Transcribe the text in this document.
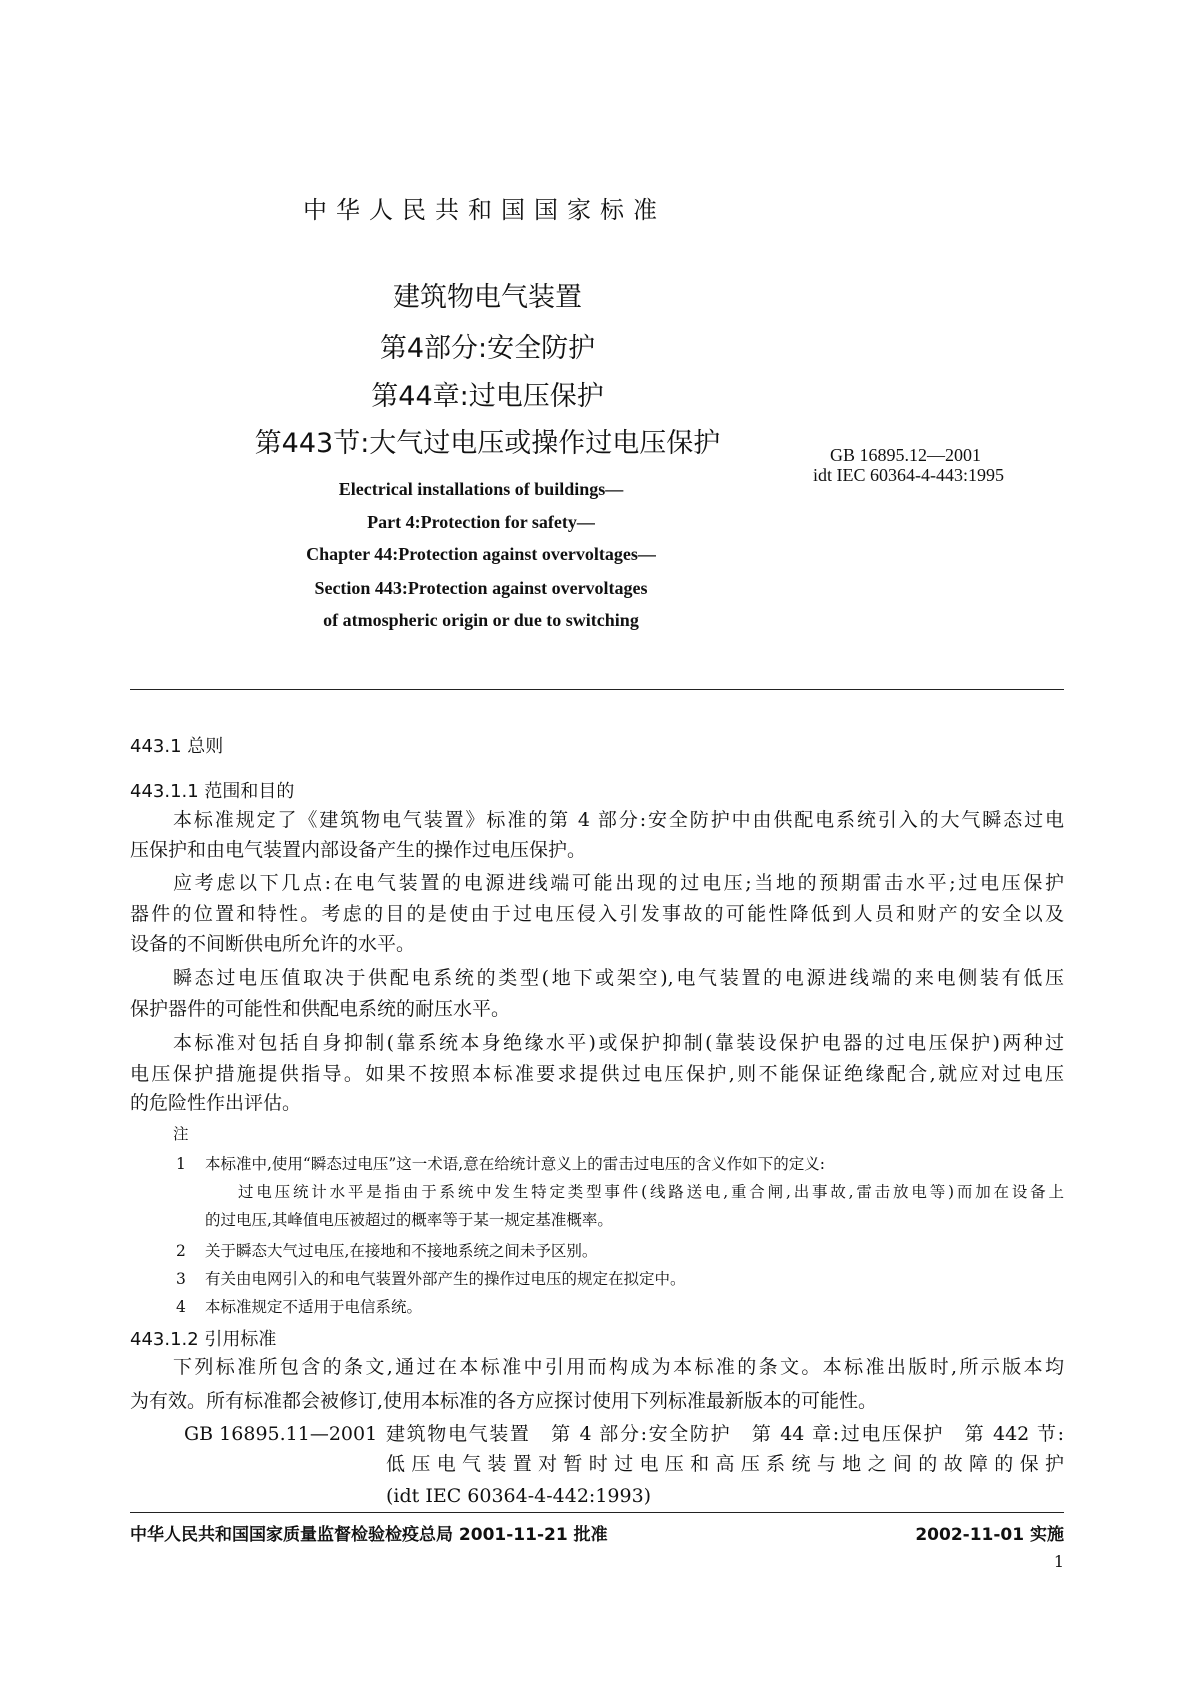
中华人民共和国国家标准
建筑物电气装置
第4部分:安全防护
第44章:过电压保护
第443节:大气过电压或操作过电压保护	GB 16895.12—2001
idt IEC 60364-4-443:1995
Electrical installations of buildings—
Part 4:Protection for safety—
Chapter 44:Protection against overvoltages—
Section 443:Protection against overvoltages
of atmospheric origin or due to switching
443.1 总则
443.1.1 范围和目的
本标准规定了《建筑物电气装置》标准的第 4 部分:安全防护中由供配电系统引入的大气瞬态过电
压保护和由电气装置内部设备产生的操作过电压保护。
应考虑以下几点:在电气装置的电源进线端可能出现的过电压;当地的预期雷击水平;过电压保护
器件的位置和特性。考虑的目的是使由于过电压侵入引发事故的可能性降低到人员和财产的安全以及
设备的不间断供电所允许的水平。
瞬态过电压值取决于供配电系统的类型(地下或架空),电气装置的电源进线端的来电侧装有低压
保护器件的可能性和供配电系统的耐压水平。
本标准对包括自身抑制(靠系统本身绝缘水平)或保护抑制(靠装设保护电器的过电压保护)两种过
电压保护措施提供指导。如果不按照本标准要求提供过电压保护,则不能保证绝缘配合,就应对过电压
的危险性作出评估。
注
1 本标准中,使用“瞬态过电压”这一术语,意在给统计意义上的雷击过电压的含义作如下的定义:
过电压统计水平是指由于系统中发生特定类型事件(线路送电,重合闸,出事故,雷击放电等)而加在设备上
的过电压,其峰值电压被超过的概率等于某一规定基准概率。
2 关于瞬态大气过电压,在接地和不接地系统之间未予区别。
3 有关由电网引入的和电气装置外部产生的操作过电压的规定在拟定中。
4 本标准规定不适用于电信系统。
443.1.2 引用标准
下列标准所包含的条文,通过在本标准中引用而构成为本标准的条文。本标准出版时,所示版本均
为有效。所有标准都会被修订,使用本标准的各方应探讨使用下列标准最新版本的可能性。
GB 16895.11—2001 建筑物电气装置　第 4 部分:安全防护　第 44 章:过电压保护　第 442 节:
低压电气装置对暂时过电压和高压系统与地之间的故障的保护
(idt IEC 60364-4-442:1993)
中华人民共和国国家质量监督检验检疫总局 2001-11-21 批准	2002-11-01 实施
1
